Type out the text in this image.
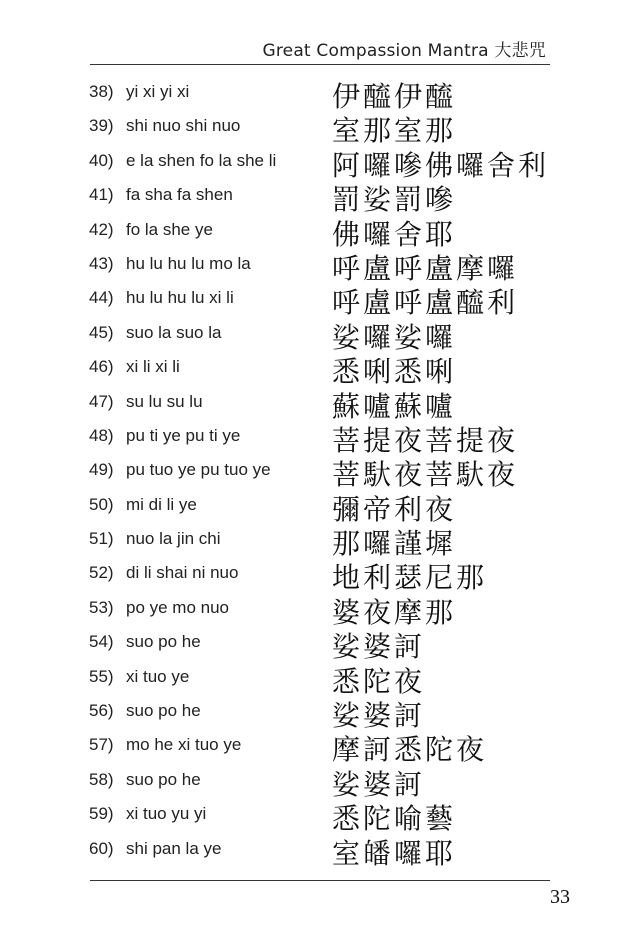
Great Compassion Mantra 大悲咒
38) yi xi yi xi	伊醯伊醯
39) shi nuo shi nuo	室那室那
40) e la shen fo la she li 阿囉嘇佛囉舍利
41) fa sha fa shen	罰娑罰嘇
42) fo la she ye	佛囉舍耶
43) hu lu hu lu mo la	呼盧呼盧摩囉
44) hu lu hu lu xi li	呼盧呼盧醯利
45) suo la suo la	娑囉娑囉
46) xi li xi li	悉唎悉唎
47) su lu su lu	蘇嚧蘇嚧
48) pu ti ye pu ti ye	菩提夜菩提夜
49) pu tuo ye pu tuo ye 菩馱夜菩馱夜
50) mi di li ye	彌帝利夜
51) nuo la jin chi	那囉謹墀
52) di li shai ni nuo	地利瑟尼那
53) po ye mo nuo	婆夜摩那
54) suo po he	娑婆訶
55) xi tuo ye	悉陀夜
56) suo po he	娑婆訶
57) mo he xi tuo ye	摩訶悉陀夜
58) suo po he	娑婆訶
59) xi tuo yu yi	悉陀喻藝
60) shi pan la ye	室皤囉耶
33
